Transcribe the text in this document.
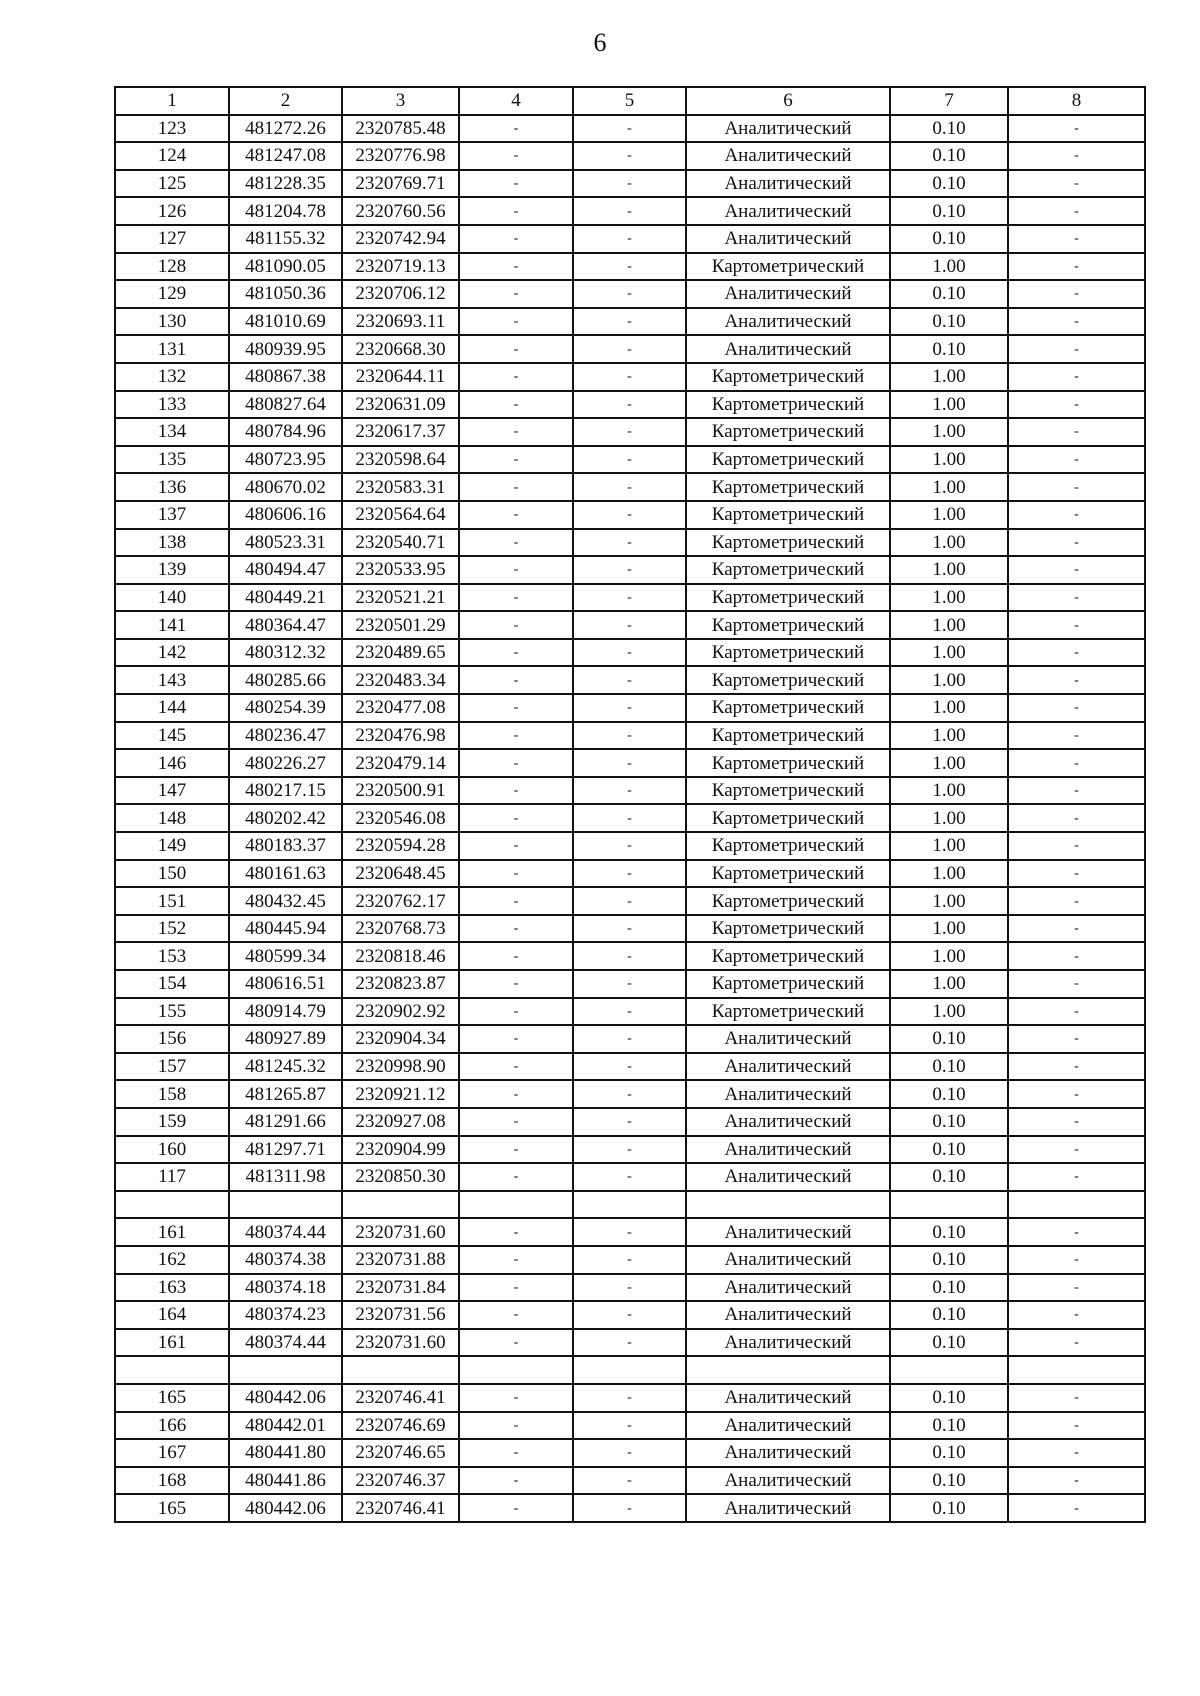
6
1	2	3	4	5	6	7	8
123	481272.26	2320785.48	-	-	Аналитический	0.10	-
124	481247.08	2320776.98	-	-	Аналитический	0.10	-
125	481228.35	2320769.71	-	-	Аналитический	0.10	-
126	481204.78	2320760.56	-	-	Аналитический	0.10	-
127	481155.32	2320742.94	-	-	Аналитический	0.10	-
128	481090.05	2320719.13	-	-	Картометрический	1.00	-
129	481050.36	2320706.12	-	-	Аналитический	0.10	-
130	481010.69	2320693.11	-	-	Аналитический	0.10	-
131	480939.95	2320668.30	-	-	Аналитический	0.10	-
132	480867.38	2320644.11	-	-	Картометрический	1.00	-
133	480827.64	2320631.09	-	-	Картометрический	1.00	-
134	480784.96	2320617.37	-	-	Картометрический	1.00	-
135	480723.95	2320598.64	-	-	Картометрический	1.00	-
136	480670.02	2320583.31	-	-	Картометрический	1.00	-
137	480606.16	2320564.64	-	-	Картометрический	1.00	-
138	480523.31	2320540.71	-	-	Картометрический	1.00	-
139	480494.47	2320533.95	-	-	Картометрический	1.00	-
140	480449.21	2320521.21	-	-	Картометрический	1.00	-
141	480364.47	2320501.29	-	-	Картометрический	1.00	-
142	480312.32	2320489.65	-	-	Картометрический	1.00	-
143	480285.66	2320483.34	-	-	Картометрический	1.00	-
144	480254.39	2320477.08	-	-	Картометрический	1.00	-
145	480236.47	2320476.98	-	-	Картометрический	1.00	-
146	480226.27	2320479.14	-	-	Картометрический	1.00	-
147	480217.15	2320500.91	-	-	Картометрический	1.00	-
148	480202.42	2320546.08	-	-	Картометрический	1.00	-
149	480183.37	2320594.28	-	-	Картометрический	1.00	-
150	480161.63	2320648.45	-	-	Картометрический	1.00	-
151	480432.45	2320762.17	-	-	Картометрический	1.00	-
152	480445.94	2320768.73	-	-	Картометрический	1.00	-
153	480599.34	2320818.46	-	-	Картометрический	1.00	-
154	480616.51	2320823.87	-	-	Картометрический	1.00	-
155	480914.79	2320902.92	-	-	Картометрический	1.00	-
156	480927.89	2320904.34	-	-	Аналитический	0.10	-
157	481245.32	2320998.90	-	-	Аналитический	0.10	-
158	481265.87	2320921.12	-	-	Аналитический	0.10	-
159	481291.66	2320927.08	-	-	Аналитический	0.10	-
160	481297.71	2320904.99	-	-	Аналитический	0.10	-
117	481311.98	2320850.30	-	-	Аналитический	0.10	-

161	480374.44	2320731.60	-	-	Аналитический	0.10	-
162	480374.38	2320731.88	-	-	Аналитический	0.10	-
163	480374.18	2320731.84	-	-	Аналитический	0.10	-
164	480374.23	2320731.56	-	-	Аналитический	0.10	-
161	480374.44	2320731.60	-	-	Аналитический	0.10	-

165	480442.06	2320746.41	-	-	Аналитический	0.10	-
166	480442.01	2320746.69	-	-	Аналитический	0.10	-
167	480441.80	2320746.65	-	-	Аналитический	0.10	-
168	480441.86	2320746.37	-	-	Аналитический	0.10	-
165	480442.06	2320746.41	-	-	Аналитический	0.10	-
